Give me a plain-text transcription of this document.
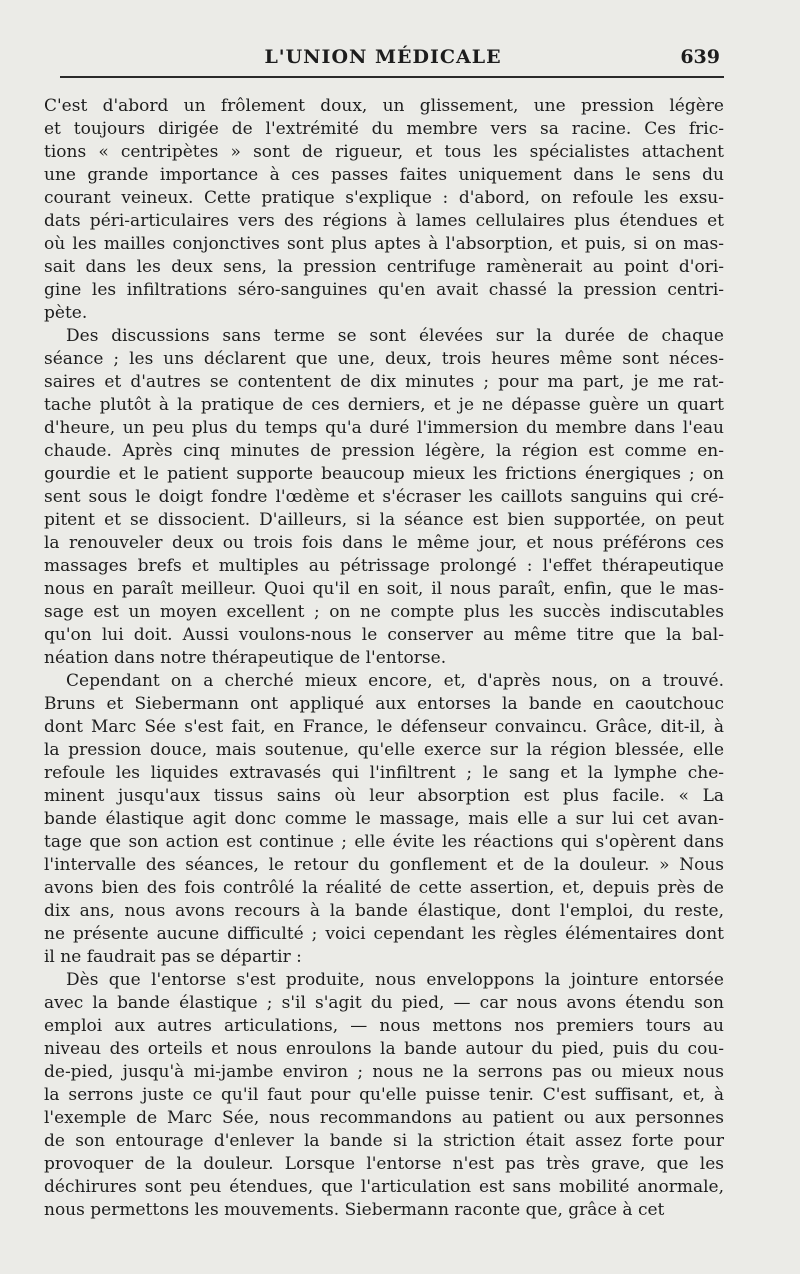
L'UNION MÉDICALE	639
C'est d'abord un frôlement doux, un glissement, une pression légère
et toujours dirigée de l'extrémité du membre vers sa racine. Ces fric-
tions « centripètes » sont de rigueur, et tous les spécialistes attachent
une grande importance à ces passes faites uniquement dans le sens du
courant veineux. Cette pratique s'explique : d'abord, on refoule les exsu-
dats péri-articulaires vers des régions à lames cellulaires plus étendues et
où les mailles conjonctives sont plus aptes à l'absorption, et puis, si on mas-
sait dans les deux sens, la pression centrifuge ramènerait au point d'ori-
gine les infiltrations séro-sanguines qu'en avait chassé la pression centri-
pète.
Des discussions sans terme se sont élevées sur la durée de chaque
séance ; les uns déclarent que une, deux, trois heures même sont néces-
saires et d'autres se contentent de dix minutes ; pour ma part, je me rat-
tache plutôt à la pratique de ces derniers, et je ne dépasse guère un quart
d'heure, un peu plus du temps qu'a duré l'immersion du membre dans l'eau
chaude. Après cinq minutes de pression légère, la région est comme en-
gourdie et le patient supporte beaucoup mieux les frictions énergiques ; on
sent sous le doigt fondre l'œdème et s'écraser les caillots sanguins qui cré-
pitent et se dissocient. D'ailleurs, si la séance est bien supportée, on peut
la renouveler deux ou trois fois dans le même jour, et nous préférons ces
massages brefs et multiples au pétrissage prolongé : l'effet thérapeutique
nous en paraît meilleur. Quoi qu'il en soit, il nous paraît, enfin, que le mas-
sage est un moyen excellent ; on ne compte plus les succès indiscutables
qu'on lui doit. Aussi voulons-nous le conserver au même titre que la bal-
néation dans notre thérapeutique de l'entorse.
Cependant on a cherché mieux encore, et, d'après nous, on a trouvé.
Bruns et Siebermann ont appliqué aux entorses la bande en caoutchouc
dont Marc Sée s'est fait, en France, le défenseur convaincu. Grâce, dit-il, à
la pression douce, mais soutenue, qu'elle exerce sur la région blessée, elle
refoule les liquides extravasés qui l'infiltrent ; le sang et la lymphe che-
minent jusqu'aux tissus sains où leur absorption est plus facile. « La
bande élastique agit donc comme le massage, mais elle a sur lui cet avan-
tage que son action est continue ; elle évite les réactions qui s'opèrent dans
l'intervalle des séances, le retour du gonflement et de la douleur. » Nous
avons bien des fois contrôlé la réalité de cette assertion, et, depuis près de
dix ans, nous avons recours à la bande élastique, dont l'emploi, du reste,
ne présente aucune difficulté ; voici cependant les règles élémentaires dont
il ne faudrait pas se départir :
Dès que l'entorse s'est produite, nous enveloppons la jointure entorsée
avec la bande élastique ; s'il s'agit du pied, — car nous avons étendu son
emploi aux autres articulations, — nous mettons nos premiers tours au
niveau des orteils et nous enroulons la bande autour du pied, puis du cou-
de-pied, jusqu'à mi-jambe environ ; nous ne la serrons pas ou mieux nous
la serrons juste ce qu'il faut pour qu'elle puisse tenir. C'est suffisant, et, à
l'exemple de Marc Sée, nous recommandons au patient ou aux personnes
de son entourage d'enlever la bande si la striction était assez forte pour
provoquer de la douleur. Lorsque l'entorse n'est pas très grave, que les
déchirures sont peu étendues, que l'articulation est sans mobilité anormale,
nous permettons les mouvements. Siebermann raconte que, grâce à cet
